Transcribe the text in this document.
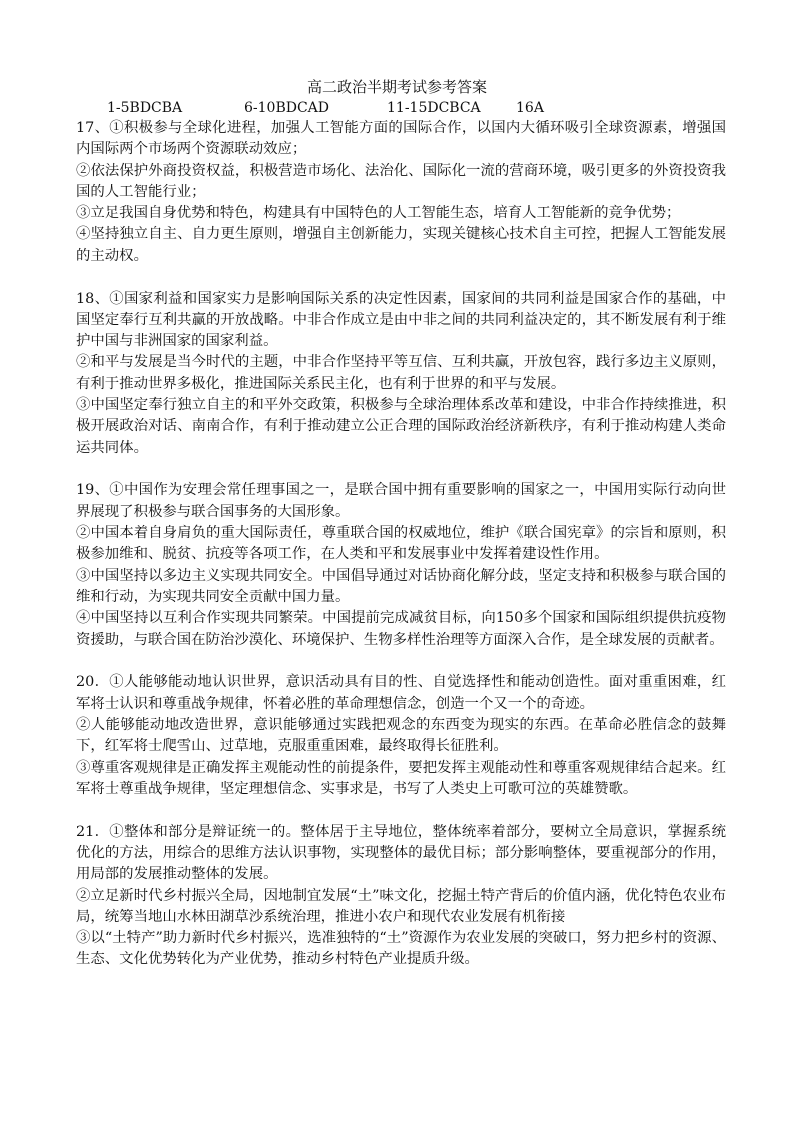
高二政治半期考试参考答案
1-5BDCBA	6-10BDCAD	11-15DCBCA	16A

17、①积极参与全球化进程，加强人工智能方面的国际合作，以国内大循环吸引全球资源素，增强国内国际两个市场两个资源联动效应；

②依法保护外商投资权益，积极营造市场化、法治化、国际化一流的营商环境，吸引更多的外资投资我国的人工智能行业；

③立足我国自身优势和特色，构建具有中国特色的人工智能生态，培育人工智能新的竞争优势；

④坚持独立自主、自力更生原则，增强自主创新能力，实现关键核心技术自主可控，把握人工智能发展的主动权。

18、①国家利益和国家实力是影响国际关系的决定性因素，国家间的共同利益是国家合作的基础，中国坚定奉行互利共赢的开放战略。中非合作成立是由中非之间的共同利益决定的，其不断发展有利于维护中国与非洲国家的国家利益。

②和平与发展是当今时代的主题，中非合作坚持平等互信、互利共赢，开放包容，践行多边主义原则，有利于推动世界多极化，推进国际关系民主化，也有利于世界的和平与发展。

③中国坚定奉行独立自主的和平外交政策，积极参与全球治理体系改革和建设，中非合作持续推进，积极开展政治对话、南南合作，有利于推动建立公正合理的国际政治经济新秩序，有利于推动构建人类命运共同体。

19、①中国作为安理会常任理事国之一，是联合国中拥有重要影响的国家之一，中国用实际行动向世界展现了积极参与联合国事务的大国形象。

②中国本着自身肩负的重大国际责任，尊重联合国的权威地位，维护《联合国宪章》的宗旨和原则，积极参加维和、脱贫、抗疫等各项工作，在人类和平和发展事业中发挥着建设性作用。

③中国坚持以多边主义实现共同安全。中国倡导通过对话协商化解分歧，坚定支持和积极参与联合国的维和行动，为实现共同安全贡献中国力量。

④中国坚持以互利合作实现共同繁荣。中国提前完成减贫目标，向150多个国家和国际组织提供抗疫物资援助，与联合国在防治沙漠化、环境保护、生物多样性治理等方面深入合作，是全球发展的贡献者。

20．①人能够能动地认识世界，意识活动具有目的性、自觉选择性和能动创造性。面对重重困难，红军将士认识和尊重战争规律，怀着必胜的革命理想信念，创造一个又一个的奇迹。

②人能够能动地改造世界，意识能够通过实践把观念的东西变为现实的东西。在革命必胜信念的鼓舞下，红军将士爬雪山、过草地，克服重重困难，最终取得长征胜利。

③尊重客观规律是正确发挥主观能动性的前提条件，要把发挥主观能动性和尊重客观规律结合起来。红军将士尊重战争规律，坚定理想信念、实事求是，书写了人类史上可歌可泣的英雄赞歌。

21．①整体和部分是辩证统一的。整体居于主导地位，整体统率着部分，要树立全局意识，掌握系统优化的方法，用综合的思维方法认识事物，实现整体的最优目标；部分影响整体，要重视部分的作用，用局部的发展推动整体的发展。

②立足新时代乡村振兴全局，因地制宜发展“土”味文化，挖掘土特产背后的价值内涵，优化特色农业布局，统筹当地山水林田湖草沙系统治理，推进小农户和现代农业发展有机衔接

③以“土特产”助力新时代乡村振兴，选准独特的“土”资源作为农业发展的突破口，努力把乡村的资源、生态、文化优势转化为产业优势，推动乡村特色产业提质升级。
